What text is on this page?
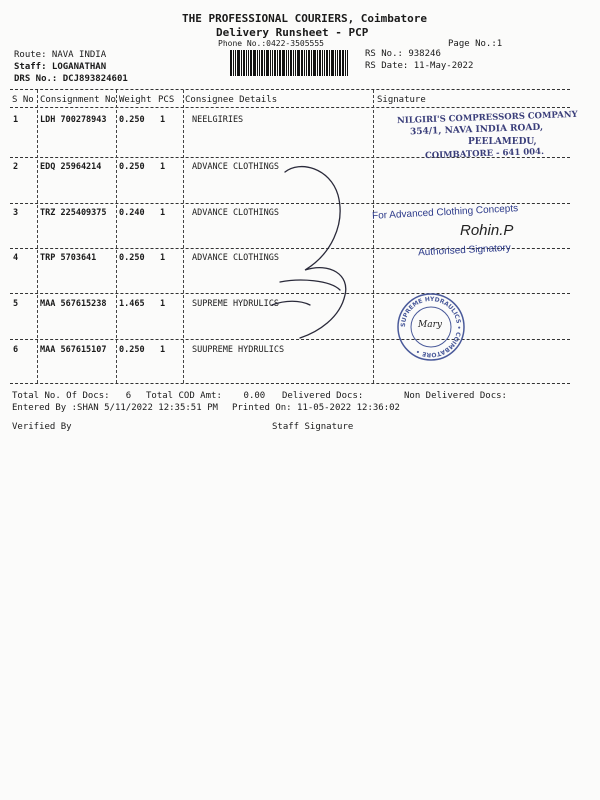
THE PROFESSIONAL COURIERS, Coimbatore
Delivery Runsheet - PCP
Phone No.:0422-3505555	Page No.:1
Route: NAVA INDIA
Staff: LOGANATHAN
DRS No.: DCJ893824601
RS No.: 938246
RS Date: 11-May-2022
S No Consignment No Weight PCS Consignee Details	Signature
1	LDH 700278943 0.250 1	NEELGIRIES
2	EDQ 25964214 0.250 1	ADVANCE CLOTHINGS
3	TRZ 225409375 0.240 1	ADVANCE CLOTHINGS
4	TRP 5703641	0.250 1	ADVANCE CLOTHINGS
5	MAA 567615238 1.465 1	SUPREME HYDRULICS
6	MAA 567615107 0.250 1	SUUPREME HYDRULICS
NILGIRI'S COMPRESSORS COMPANY
354/1, NAVA INDIA ROAD,
PEELAMEDU,
COIMBATORE - 641 004.
For Advanced Clothing Concepts
Rohin.P
Authorised Signatory
SUPREME HYDRAULICS • COIMBATORE •
Mary
Total No. Of Docs:   6 Total COD Amt:    0.00 Delivered Docs:	Non Delivered Docs:
Entered By :SHAN 5/11/2022 12:35:51 PM Printed On: 11-05-2022 12:36:02
Verified By	Staff Signature
